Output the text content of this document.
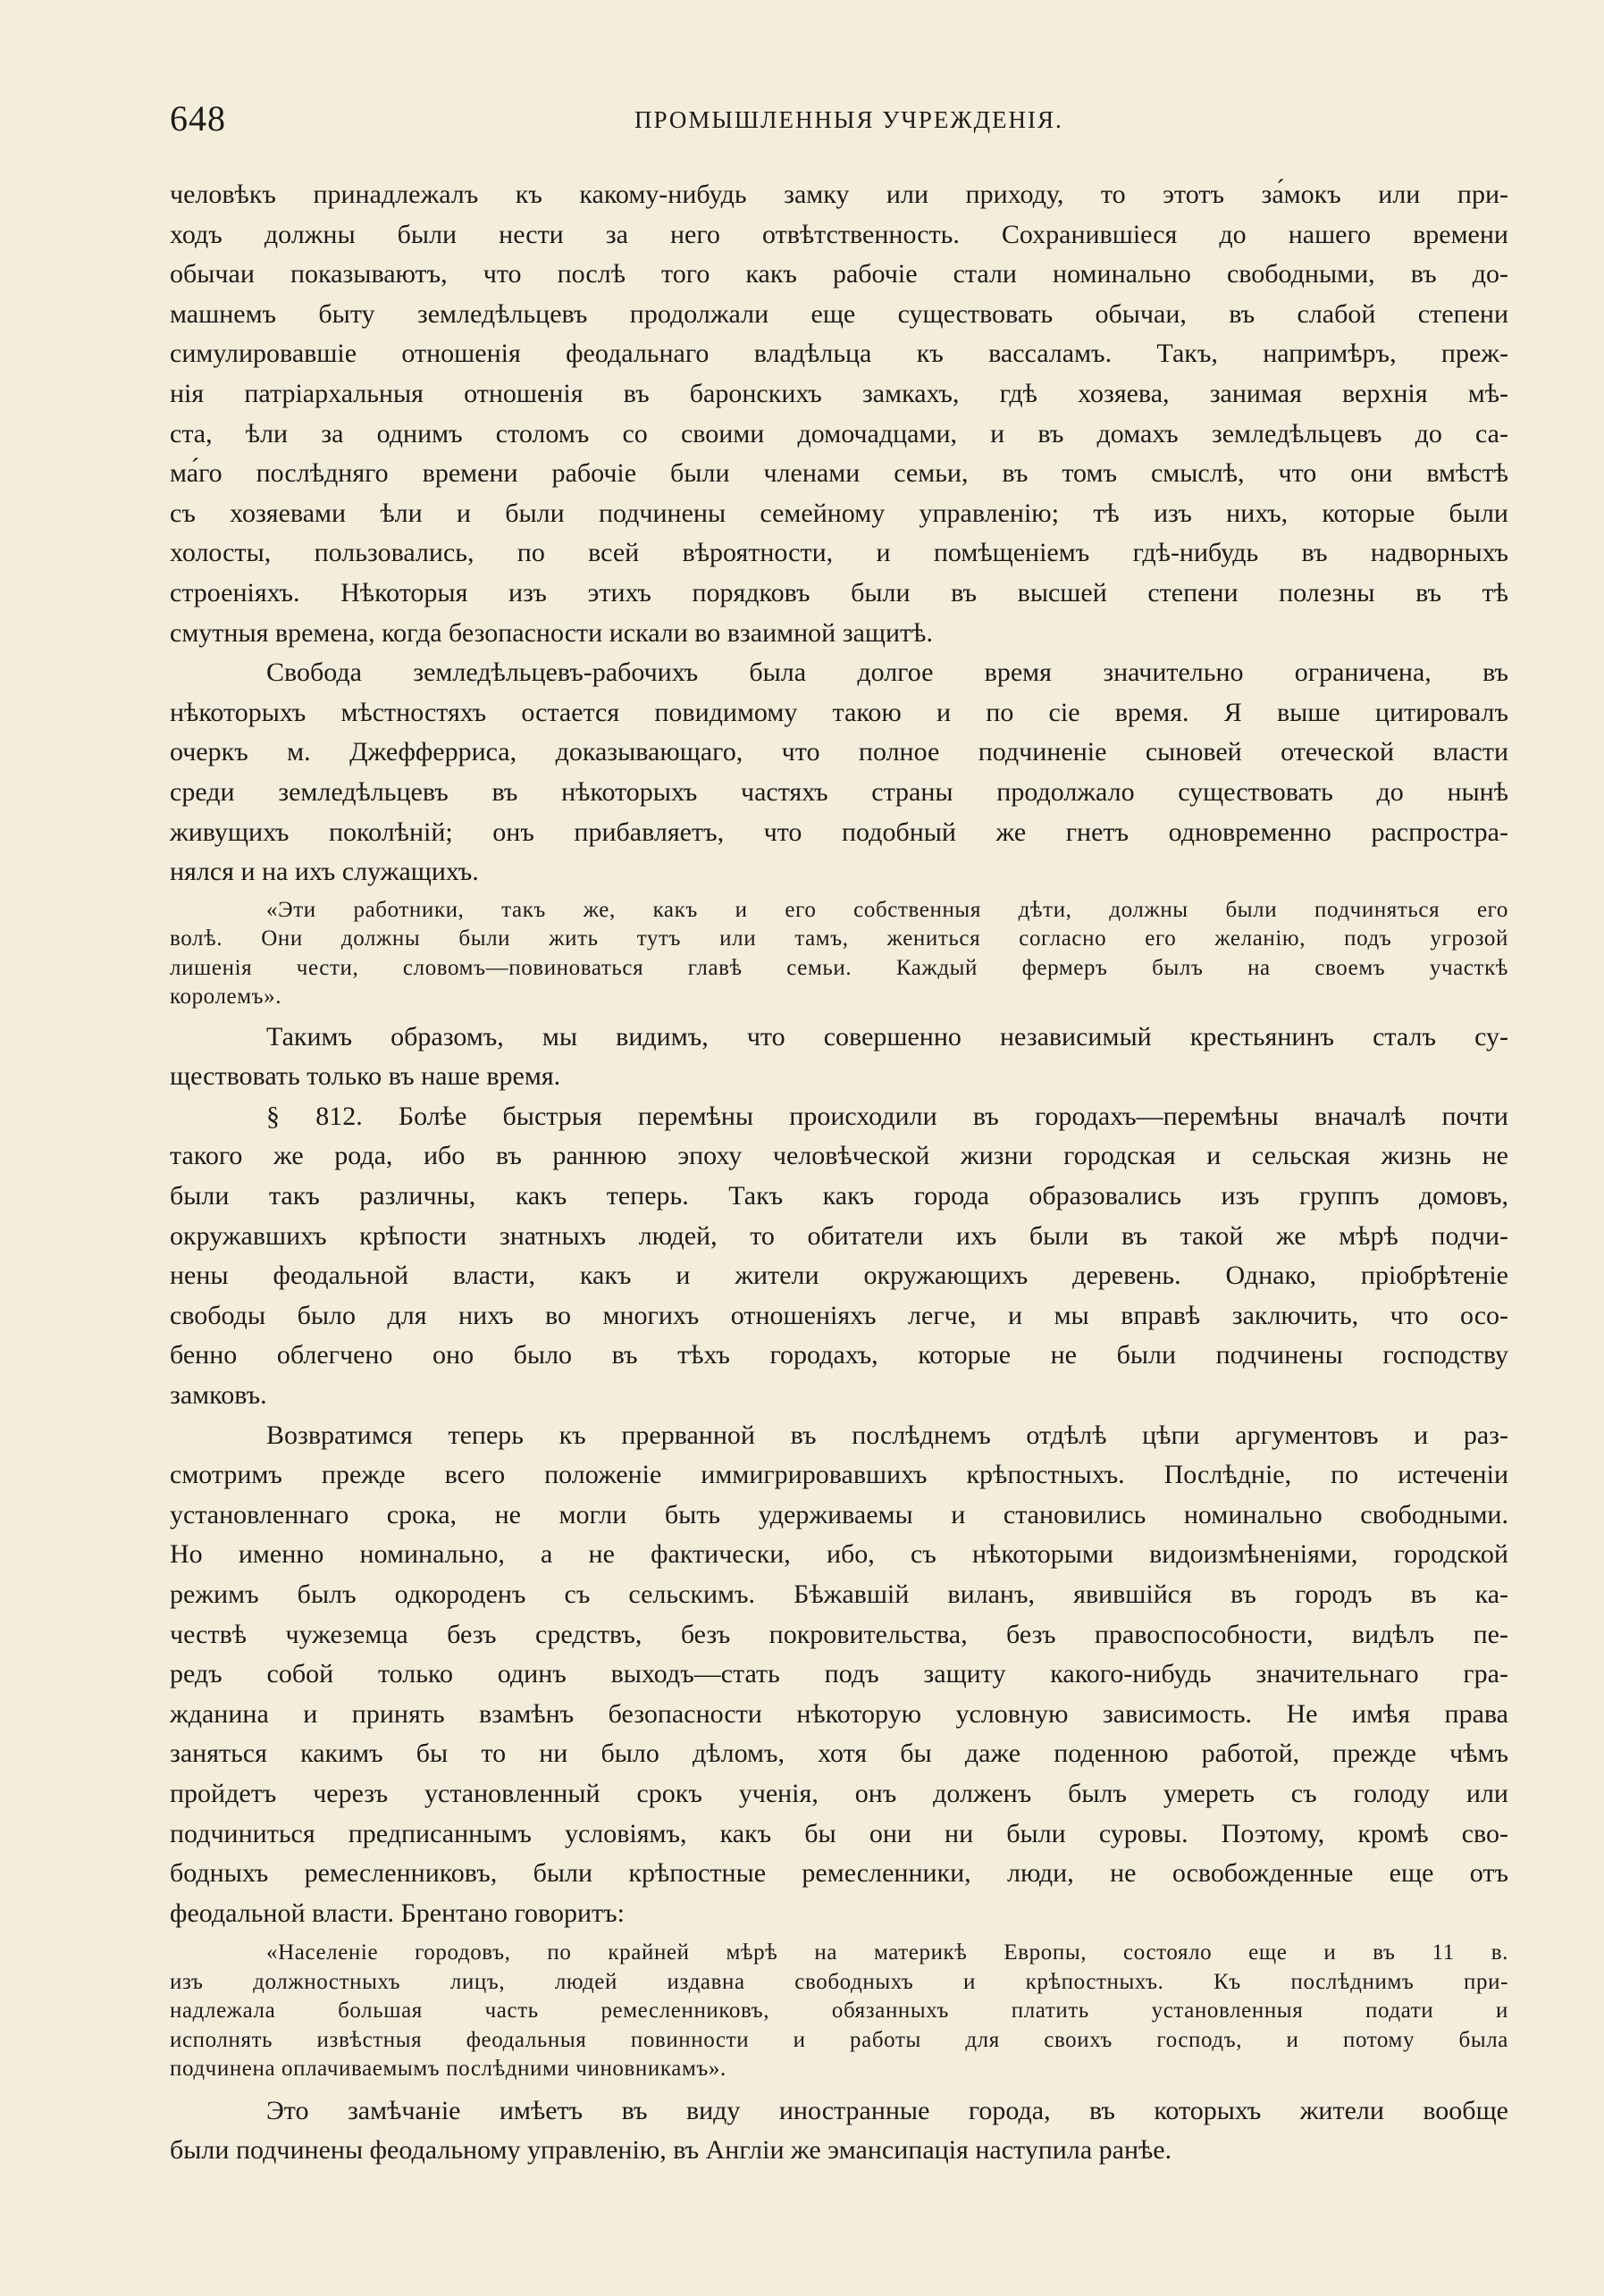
648	ПРОМЫШЛЕННЫЯ УЧРЕЖДЕНІЯ.
человѣкъ принадлежалъ къ какому-нибудь замку или приходу, то этотъ за́мокъ или при-
ходъ должны были нести за него отвѣтственность. Сохранившіеся до нашего времени
обычаи показываютъ, что послѣ того какъ рабочіе стали номинально свободными, въ до-
машнемъ быту земледѣльцевъ продолжали еще существовать обычаи, въ слабой степени
симулировавшіе отношенія феодальнаго владѣльца къ вассаламъ. Такъ, напримѣръ, преж-
нія патріархальныя отношенія въ баронскихъ замкахъ, гдѣ хозяева, занимая верхнія мѣ-
ста, ѣли за однимъ столомъ со своими домочадцами, и въ домахъ земледѣльцевъ до са-
ма́го послѣдняго времени рабочіе были членами семьи, въ томъ смыслѣ, что они вмѣстѣ
съ хозяевами ѣли и были подчинены семейному управленію; тѣ изъ нихъ, которые были
холосты, пользовались, по всей вѣроятности, и помѣщеніемъ гдѣ-нибудь въ надворныхъ
строеніяхъ. Нѣкоторыя изъ этихъ порядковъ были въ высшей степени полезны въ тѣ
смутныя времена, когда безопасности искали во взаимной защитѣ.
Свобода земледѣльцевъ-рабочихъ была долгое время значительно ограничена, въ
нѣкоторыхъ мѣстностяхъ остается повидимому такою и по сіе время. Я выше цитировалъ
очеркъ м. Джефферриса, доказывающаго, что полное подчиненіе сыновей отеческой власти
среди земледѣльцевъ въ нѣкоторыхъ частяхъ страны продолжало существовать до нынѣ
живущихъ поколѣній; онъ прибавляетъ, что подобный же гнетъ одновременно распростра-
нялся и на ихъ служащихъ.
«Эти работники, такъ же, какъ и его собственныя дѣти, должны были подчиняться его
волѣ. Они должны были жить тутъ или тамъ, жениться согласно его желанію, подъ угрозой
лишенія чести, словомъ—повиноваться главѣ семьи. Каждый фермеръ былъ на своемъ участкѣ
королемъ».
Такимъ образомъ, мы видимъ, что совершенно независимый крестьянинъ сталъ су-
ществовать только въ наше время.
§ 812. Болѣе быстрыя перемѣны происходили въ городахъ—перемѣны вначалѣ почти
такого же рода, ибо въ раннюю эпоху человѣческой жизни городская и сельская жизнь не
были такъ различны, какъ теперь. Такъ какъ города образовались изъ группъ домовъ,
окружавшихъ крѣпости знатныхъ людей, то обитатели ихъ были въ такой же мѣрѣ подчи-
нены феодальной власти, какъ и жители окружающихъ деревень. Однако, пріобрѣтеніе
свободы было для нихъ во многихъ отношеніяхъ легче, и мы вправѣ заключить, что осо-
бенно облегчено оно было въ тѣхъ городахъ, которые не были подчинены господству
замковъ.
Возвратимся теперь къ прерванной въ послѣднемъ отдѣлѣ цѣпи аргументовъ и раз-
смотримъ прежде всего положеніе иммигрировавшихъ крѣпостныхъ. Послѣдніе, по истеченіи
установленнаго срока, не могли быть удерживаемы и становились номинально свободными.
Но именно номинально, а не фактически, ибо, съ нѣкоторыми видоизмѣненіями, городской
режимъ былъ одкороденъ съ сельскимъ. Бѣжавшій виланъ, явившійся въ городъ въ ка-
чествѣ чужеземца безъ средствъ, безъ покровительства, безъ правоспособности, видѣлъ пе-
редъ собой только одинъ выходъ—стать подъ защиту какого-нибудь значительнаго гра-
жданина и принять взамѣнъ безопасности нѣкоторую условную зависимость. Не имѣя права
заняться какимъ бы то ни было дѣломъ, хотя бы даже поденною работой, прежде чѣмъ
пройдетъ черезъ установленный срокъ ученія, онъ долженъ былъ умереть съ голоду или
подчиниться предписаннымъ условіямъ, какъ бы они ни были суровы. Поэтому, кромѣ сво-
бодныхъ ремесленниковъ, были крѣпостные ремесленники, люди, не освобожденные еще отъ
феодальной власти. Брентано говоритъ:
«Населеніе городовъ, по крайней мѣрѣ на материкѣ Европы, состояло еще и въ 11 в.
изъ должностныхъ лицъ, людей издавна свободныхъ и крѣпостныхъ. Къ послѣднимъ при-
надлежала большая часть ремесленниковъ, обязанныхъ платить установленныя подати и
исполнять извѣстныя феодальныя повинности и работы для своихъ господъ, и потому была
подчинена оплачиваемымъ послѣдними чиновникамъ».
Это замѣчаніе имѣетъ въ виду иностранные города, въ которыхъ жители вообще
были подчинены феодальному управленію, въ Англіи же эмансипація наступила ранѣе.
